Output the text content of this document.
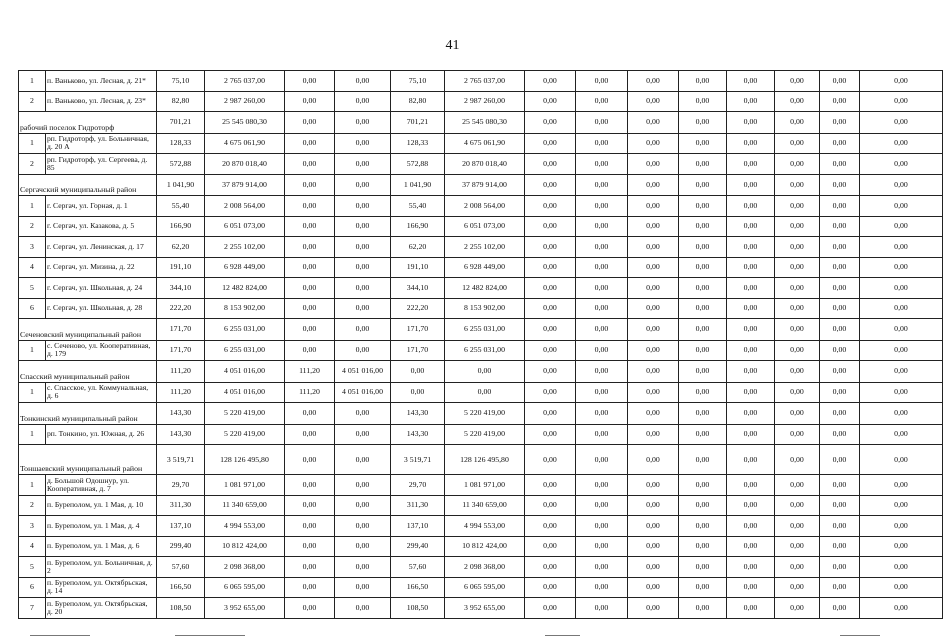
41
1	п. Ваньково, ул. Лесная, д. 21*	75,10	2 765 037,00	0,00	0,00	75,10	2 765 037,00	0,00	0,00	0,00	0,00	0,00	0,00	0,00	0,00
2	п. Ваньково, ул. Лесная, д. 23*	82,80	2 987 260,00	0,00	0,00	82,80	2 987 260,00	0,00	0,00	0,00	0,00	0,00	0,00	0,00	0,00
рабочий поселок Гидроторф		701,21	25 545 080,30	0,00	0,00	701,21	25 545 080,30	0,00	0,00	0,00	0,00	0,00	0,00	0,00	0,00
1	рп. Гидроторф, ул. Больничная, д. 20 А	128,33	4 675 061,90	0,00	0,00	128,33	4 675 061,90	0,00	0,00	0,00	0,00	0,00	0,00	0,00	0,00
2	рп. Гидроторф, ул. Сергеева, д. 85	572,88	20 870 018,40	0,00	0,00	572,88	20 870 018,40	0,00	0,00	0,00	0,00	0,00	0,00	0,00	0,00
Сергачский муниципальный район		1 041,90	37 879 914,00	0,00	0,00	1 041,90	37 879 914,00	0,00	0,00	0,00	0,00	0,00	0,00	0,00	0,00
1	г. Сергач, ул. Горная, д. 1	55,40	2 008 564,00	0,00	0,00	55,40	2 008 564,00	0,00	0,00	0,00	0,00	0,00	0,00	0,00	0,00
2	г. Сергач, ул. Казакова, д. 5	166,90	6 051 073,00	0,00	0,00	166,90	6 051 073,00	0,00	0,00	0,00	0,00	0,00	0,00	0,00	0,00
3	г. Сергач, ул. Ленинская, д. 17	62,20	2 255 102,00	0,00	0,00	62,20	2 255 102,00	0,00	0,00	0,00	0,00	0,00	0,00	0,00	0,00
4	г. Сергач, ул. Мизина, д. 22	191,10	6 928 449,00	0,00	0,00	191,10	6 928 449,00	0,00	0,00	0,00	0,00	0,00	0,00	0,00	0,00
5	г. Сергач, ул. Школьная, д. 24	344,10	12 482 824,00	0,00	0,00	344,10	12 482 824,00	0,00	0,00	0,00	0,00	0,00	0,00	0,00	0,00
6	г. Сергач, ул. Школьная, д. 28	222,20	8 153 902,00	0,00	0,00	222,20	8 153 902,00	0,00	0,00	0,00	0,00	0,00	0,00	0,00	0,00
Сеченовский муниципальный район		171,70	6 255 031,00	0,00	0,00	171,70	6 255 031,00	0,00	0,00	0,00	0,00	0,00	0,00	0,00	0,00
1	с. Сеченово, ул. Кооперативная, д. 179	171,70	6 255 031,00	0,00	0,00	171,70	6 255 031,00	0,00	0,00	0,00	0,00	0,00	0,00	0,00	0,00
Спасский муниципальный район		111,20	4 051 016,00	111,20	4 051 016,00	0,00	0,00	0,00	0,00	0,00	0,00	0,00	0,00	0,00	0,00
1	с. Спасское, ул. Коммунальная, д. 6	111,20	4 051 016,00	111,20	4 051 016,00	0,00	0,00	0,00	0,00	0,00	0,00	0,00	0,00	0,00	0,00
Тонкинский муниципальный район		143,30	5 220 419,00	0,00	0,00	143,30	5 220 419,00	0,00	0,00	0,00	0,00	0,00	0,00	0,00	0,00
1	рп. Тонкино, ул. Южная, д. 26	143,30	5 220 419,00	0,00	0,00	143,30	5 220 419,00	0,00	0,00	0,00	0,00	0,00	0,00	0,00	0,00
Тоншаевский муниципальный район		3 519,71	128 126 495,80	0,00	0,00	3 519,71	128 126 495,80	0,00	0,00	0,00	0,00	0,00	0,00	0,00	0,00
1	д. Большой Одошнур, ул. Кооперативная, д. 7	29,70	1 081 971,00	0,00	0,00	29,70	1 081 971,00	0,00	0,00	0,00	0,00	0,00	0,00	0,00	0,00
2	п. Буреполом, ул. 1 Мая, д. 10	311,30	11 340 659,00	0,00	0,00	311,30	11 340 659,00	0,00	0,00	0,00	0,00	0,00	0,00	0,00	0,00
3	п. Буреполом, ул. 1 Мая, д. 4	137,10	4 994 553,00	0,00	0,00	137,10	4 994 553,00	0,00	0,00	0,00	0,00	0,00	0,00	0,00	0,00
4	п. Буреполом, ул. 1 Мая, д. 6	299,40	10 812 424,00	0,00	0,00	299,40	10 812 424,00	0,00	0,00	0,00	0,00	0,00	0,00	0,00	0,00
5	п. Буреполом, ул. Больничная, д. 2	57,60	2 098 368,00	0,00	0,00	57,60	2 098 368,00	0,00	0,00	0,00	0,00	0,00	0,00	0,00	0,00
6	п. Буреполом, ул. Октябрьская, д. 14	166,50	6 065 595,00	0,00	0,00	166,50	6 065 595,00	0,00	0,00	0,00	0,00	0,00	0,00	0,00	0,00
7	п. Буреполом, ул. Октябрьская, д. 20	108,50	3 952 655,00	0,00	0,00	108,50	3 952 655,00	0,00	0,00	0,00	0,00	0,00	0,00	0,00	0,00
